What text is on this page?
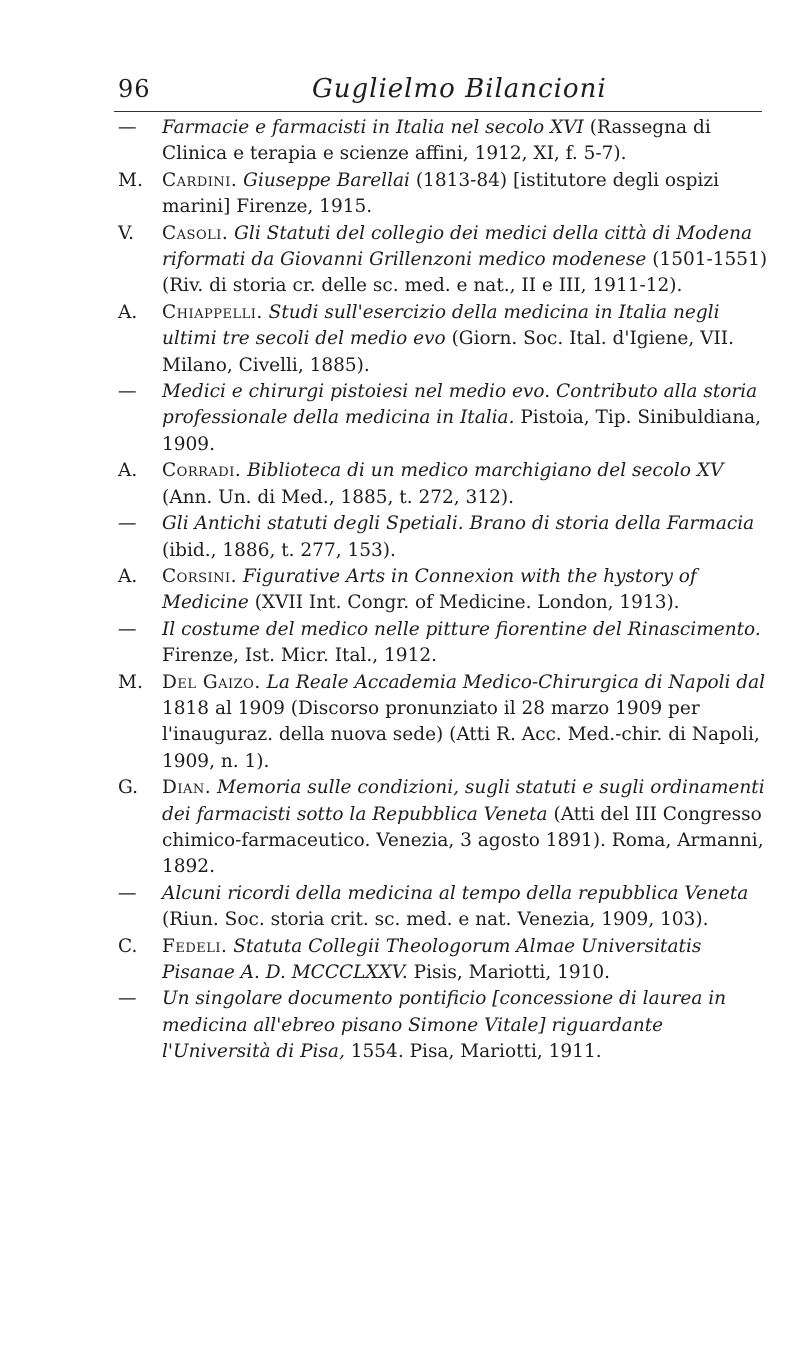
96	Guglielmo Bilancioni
—	Farmacie e farmacisti in Italia nel secolo XVI (Rassegna di Clinica e terapia e scienze affini, 1912, XI, f. 5-7).
M.	Cardini. Giuseppe Barellai (1813-84) [istitutore degli ospizi marini] Firenze, 1915.
V.	Casoli. Gli Statuti del collegio dei medici della città di Modena riformati da Giovanni Grillenzoni medico modenese (1501-1551) (Riv. di storia cr. delle sc. med. e nat., II e III, 1911-12).
A.	Chiappelli. Studi sull'esercizio della medicina in Italia negli ultimi tre secoli del medio evo (Giorn. Soc. Ital. d'Igiene, VII. Milano, Civelli, 1885).
—	Medici e chirurgi pistoiesi nel medio evo. Contributo alla storia professionale della medicina in Italia. Pistoia, Tip. Sinibuldiana, 1909.
A.	Corradi. Biblioteca di un medico marchigiano del secolo XV (Ann. Un. di Med., 1885, t. 272, 312).
—	Gli Antichi statuti degli Spetiali. Brano di storia della Farmacia (ibid., 1886, t. 277, 153).
A.	Corsini. Figurative Arts in Connexion with the hystory of Medicine (XVII Int. Congr. of Medicine. London, 1913).
—	Il costume del medico nelle pitture fiorentine del Rinascimento. Firenze, Ist. Micr. Ital., 1912.
M.	Del Gaizo. La Reale Accademia Medico-Chirurgica di Napoli dal 1818 al 1909 (Discorso pronunziato il 28 marzo 1909 per l'inauguraz. della nuova sede) (Atti R. Acc. Med.-chir. di Napoli, 1909, n. 1).
G.	Dian. Memoria sulle condizioni, sugli statuti e sugli ordinamenti dei farmacisti sotto la Repubblica Veneta (Atti del III Congresso chimico-farmaceutico. Venezia, 3 agosto 1891). Roma, Armanni, 1892.
—	Alcuni ricordi della medicina al tempo della repubblica Veneta (Riun. Soc. storia crit. sc. med. e nat. Venezia, 1909, 103).
C.	Fedeli. Statuta Collegii Theologorum Almae Universitatis Pisanae A. D. MCCCLXXV. Pisis, Mariotti, 1910.
—	Un singolare documento pontificio [concessione di laurea in medicina all'ebreo pisano Simone Vitale] riguardante l'Università di Pisa, 1554. Pisa, Mariotti, 1911.
